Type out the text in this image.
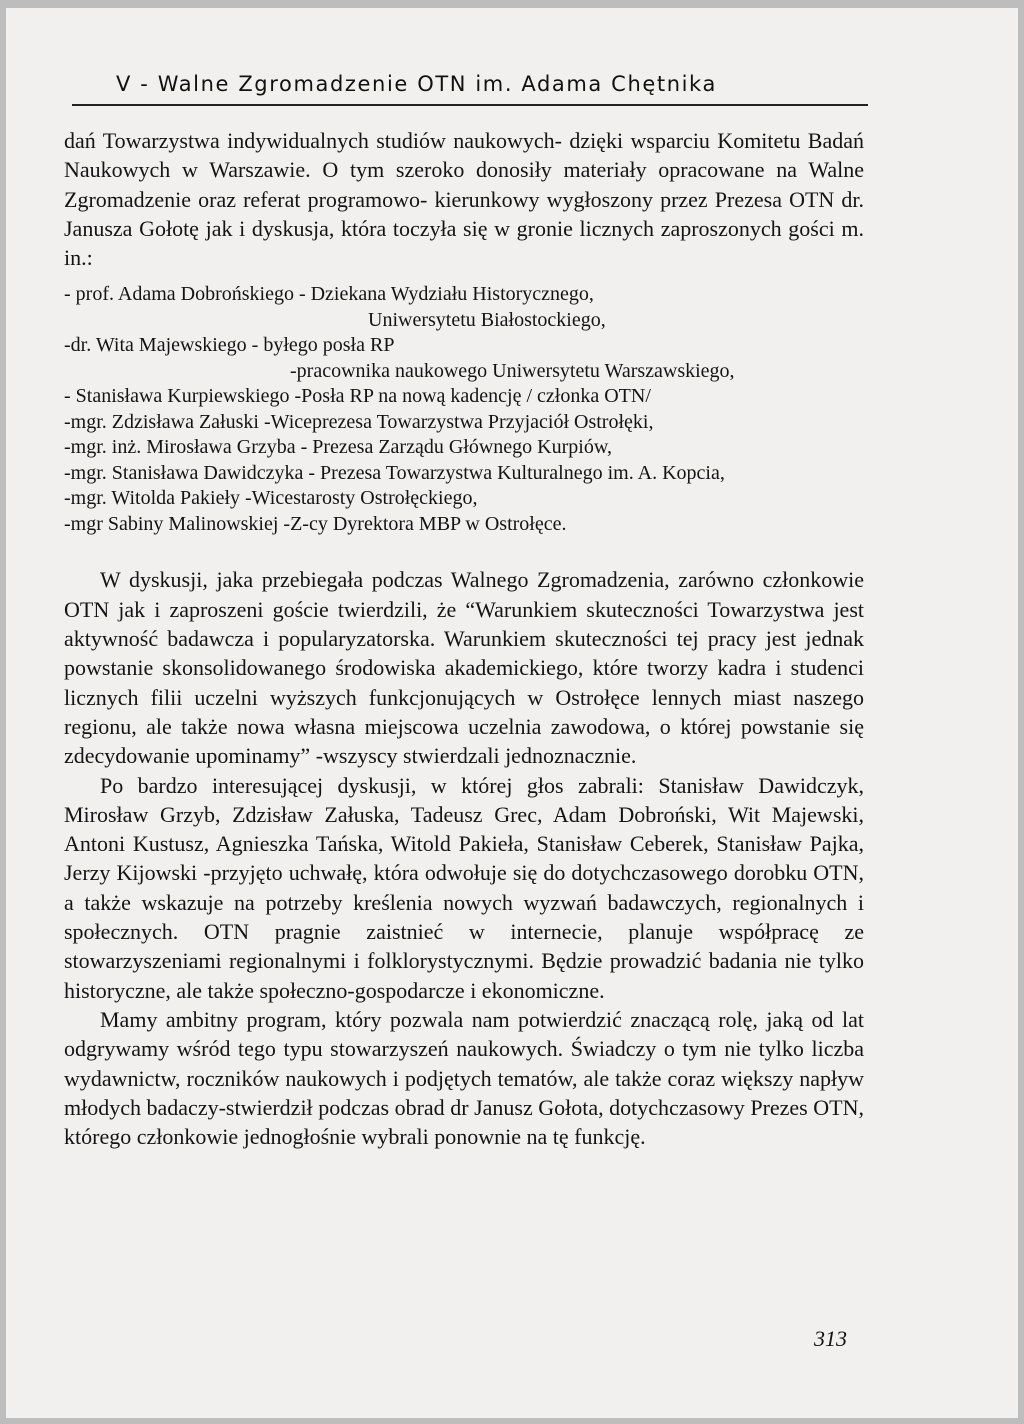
V - Walne Zgromadzenie OTN im. Adama Chętnika

dań Towarzystwa indywidualnych studiów naukowych- dzięki wsparciu Komitetu Badań Naukowych w Warszawie. O tym szeroko donosiły materiały opracowane na Walne Zgromadzenie oraz referat programowo- kierunkowy wygłoszony przez Prezesa OTN dr. Janusza Gołotę jak i dyskusja, która toczyła się w gronie licznych zaproszonych gości m. in.:

- prof. Adama Dobrońskiego - Dziekana Wydziału Historycznego,
Uniwersytetu Białostockiego,
-dr. Wita Majewskiego - byłego posła RP
-pracownika naukowego Uniwersytetu Warszawskiego,
- Stanisława Kurpiewskiego -Posła RP na nową kadencję / członka OTN/
-mgr. Zdzisława Załuski -Wiceprezesa Towarzystwa Przyjaciół Ostrołęki,
-mgr. inż. Mirosława Grzyba - Prezesa Zarządu Głównego Kurpiów,
-mgr. Stanisława Dawidczyka - Prezesa Towarzystwa Kulturalnego im. A. Kopcia,
-mgr. Witolda Pakieły -Wicestarosty Ostrołęckiego,
-mgr Sabiny Malinowskiej -Z-cy Dyrektora MBP w Ostrołęce.

W dyskusji, jaka przebiegała podczas Walnego Zgromadzenia, zarówno członkowie OTN jak i zaproszeni goście twierdzili, że “Warunkiem skuteczności Towarzystwa jest aktywność badawcza i popularyzatorska. Warunkiem skuteczności tej pracy jest jednak powstanie skonsolidowanego środowiska akademickiego, które tworzy kadra i studenci licznych filii uczelni wyższych funkcjonujących w Ostrołęce lennych miast naszego regionu, ale także nowa własna miejscowa uczelnia zawodowa, o której powstanie się zdecydowanie upominamy” -wszyscy stwierdzali jednoznacznie.

Po bardzo interesującej dyskusji, w której głos zabrali: Stanisław Dawidczyk, Mirosław Grzyb, Zdzisław Załuska, Tadeusz Grec, Adam Dobroński, Wit Majewski, Antoni Kustusz, Agnieszka Tańska, Witold Pakieła, Stanisław Ceberek, Stanisław Pajka, Jerzy Kijowski -przyjęto uchwałę, która odwołuje się do dotychczasowego dorobku OTN, a także wskazuje na potrzeby kreślenia nowych wyzwań badawczych, regionalnych i społecznych. OTN pragnie zaistnieć w internecie, planuje współpracę ze stowarzyszeniami regionalnymi i folklorystycznymi. Będzie prowadzić badania nie tylko historyczne, ale także społeczno-gospodarcze i ekonomiczne.

Mamy ambitny program, który pozwala nam potwierdzić znaczącą rolę, jaką od lat odgrywamy wśród tego typu stowarzyszeń naukowych. Świadczy o tym nie tylko liczba wydawnictw, roczników naukowych i podjętych tematów, ale także coraz większy napływ młodych badaczy-stwierdził podczas obrad dr Janusz Gołota, dotychczasowy Prezes OTN, którego członkowie jednogłośnie wybrali ponownie na tę funkcję.

313
